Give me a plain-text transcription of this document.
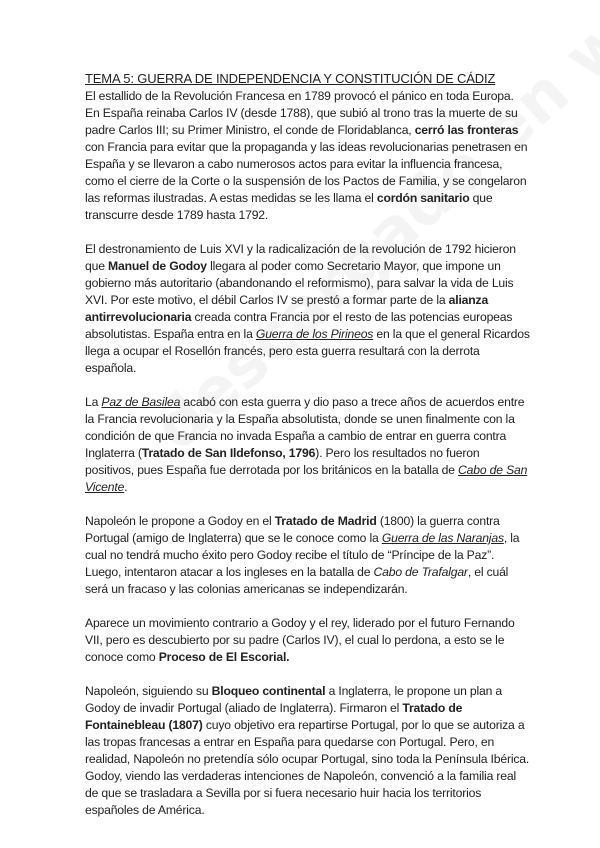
TEMA 5: GUERRA DE INDEPENDENCIA Y CONSTITUCIÓN DE CÁDIZ

El estallido de la Revolución Francesa en 1789 provocó el pánico en toda Europa. En España reinaba Carlos IV (desde 1788), que subió al trono tras la muerte de su padre Carlos III; su Primer Ministro, el conde de Floridablanca, cerró las fronteras con Francia para evitar que la propaganda y las ideas revolucionarias penetrasen en España y se llevaron a cabo numerosos actos para evitar la influencia francesa, como el cierre de la Corte o la suspensión de los Pactos de Familia, y se congelaron las reformas ilustradas. A estas medidas se les llama el cordón sanitario que transcurre desde 1789 hasta 1792.

El destronamiento de Luis XVI y la radicalización de la revolución de 1792 hicieron que Manuel de Godoy llegara al poder como Secretario Mayor, que impone un gobierno más autoritario (abandonando el reformismo), para salvar la vida de Luis XVI. Por este motivo, el débil Carlos IV se prestó a formar parte de la alianza antirrevolucionaria creada contra Francia por el resto de las potencias europeas absolutistas. España entra en la Guerra de los Pirineos en la que el general Ricardos llega a ocupar el Rosellón francés, pero esta guerra resultará con la derrota española.

La Paz de Basilea acabó con esta guerra y dio paso a trece años de acuerdos entre la Francia revolucionaria y la España absolutista, donde se unen finalmente con la condición de que Francia no invada España a cambio de entrar en guerra contra Inglaterra (Tratado de San Ildefonso, 1796). Pero los resultados no fueron positivos, pues España fue derrotada por los británicos en la batalla de Cabo de San Vicente.

Napoleón le propone a Godoy en el Tratado de Madrid (1800) la guerra contra Portugal (amigo de Inglaterra) que se le conoce como la Guerra de las Naranjas, la cual no tendrá mucho éxito pero Godoy recibe el título de “Príncipe de la Paz”. Luego, intentaron atacar a los ingleses en la batalla de Cabo de Trafalgar, el cuál será un fracaso y las colonias americanas se independizarán.

Aparece un movimiento contrario a Godoy y el rey, liderado por el futuro Fernando VII, pero es descubierto por su padre (Carlos IV), el cual lo perdona, a esto se le conoce como Proceso de El Escorial.

Napoleón, siguiendo su Bloqueo continental a Inglaterra, le propone un plan a Godoy de invadir Portugal (aliado de Inglaterra). Firmaron el Tratado de Fontainebleau (1807) cuyo objetivo era repartirse Portugal, por lo que se autoriza a las tropas francesas a entrar en España para quedarse con Portugal. Pero, en realidad, Napoleón no pretendía sólo ocupar Portugal, sino toda la Península Ibérica. Godoy, viendo las verdaderas intenciones de Napoleón, convenció a la familia real de que se trasladara a Sevilla por si fuera necesario huir hacia los territorios españoles de América.
